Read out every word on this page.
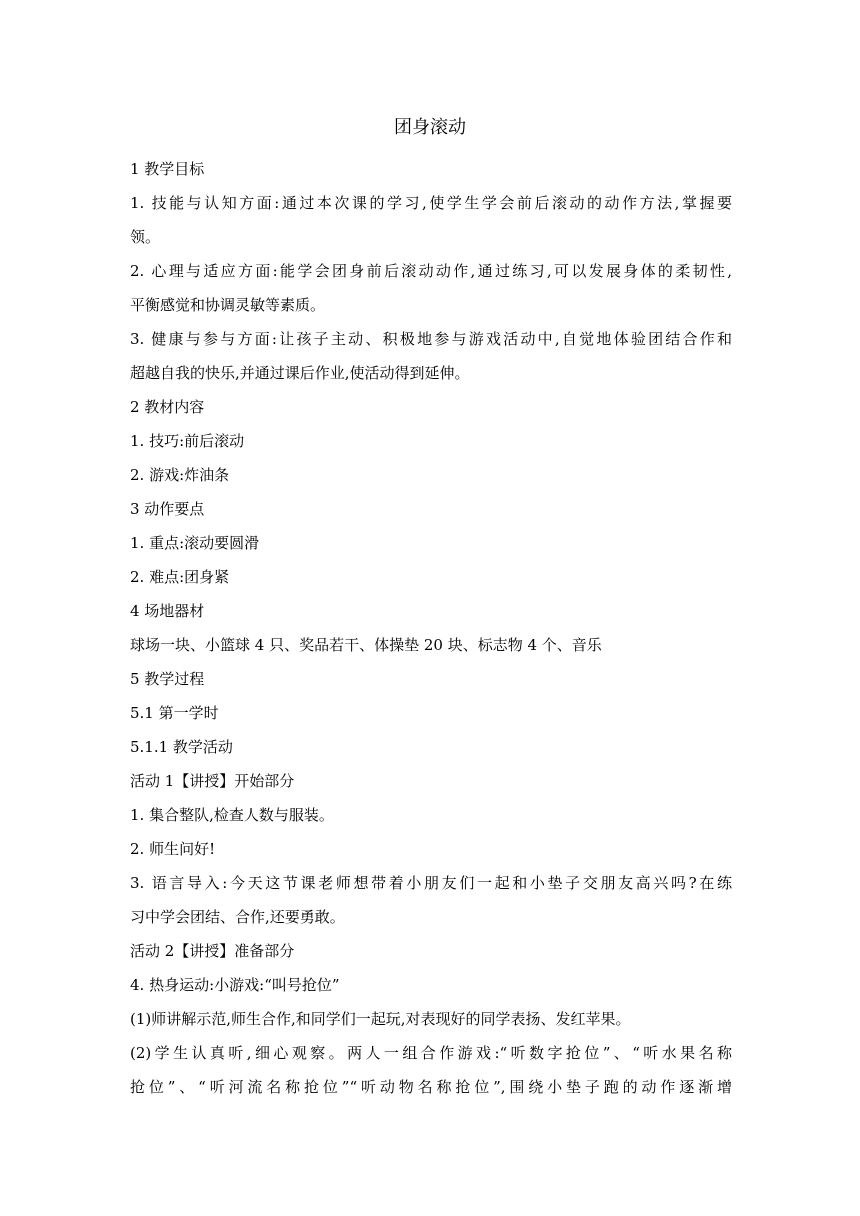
团身滚动
1 教学目标
1. 技能与认知方面:通过本次课的学习,使学生学会前后滚动的动作方法,掌握要
领。
2. 心理与适应方面:能学会团身前后滚动动作,通过练习,可以发展身体的柔韧性,
平衡感觉和协调灵敏等素质。
3. 健康与参与方面:让孩子主动、积极地参与游戏活动中,自觉地体验团结合作和
超越自我的快乐,并通过课后作业,使活动得到延伸。
2 教材内容
1. 技巧:前后滚动
2. 游戏:炸油条
3 动作要点
1. 重点:滚动要圆滑
2. 难点:团身紧
4 场地器材
球场一块、小篮球 4 只、奖品若干、体操垫 20 块、标志物 4 个、音乐
5 教学过程
5.1 第一学时
5.1.1 教学活动
活动 1【讲授】开始部分
1. 集合整队,检查人数与服装。
2. 师生问好!
3. 语言导入:今天这节课老师想带着小朋友们一起和小垫子交朋友高兴吗?在练
习中学会团结、合作,还要勇敢。
活动 2【讲授】准备部分
4. 热身运动:小游戏:“叫号抢位”
(1)师讲解示范,师生合作,和同学们一起玩,对表现好的同学表扬、发红苹果。
(2)学生认真听,细心观察。两人一组合作游戏:“听数字抢位”、“听水果名称
抢位”、“听河流名称抢位”“听动物名称抢位”,围绕小垫子跑的动作逐渐增
